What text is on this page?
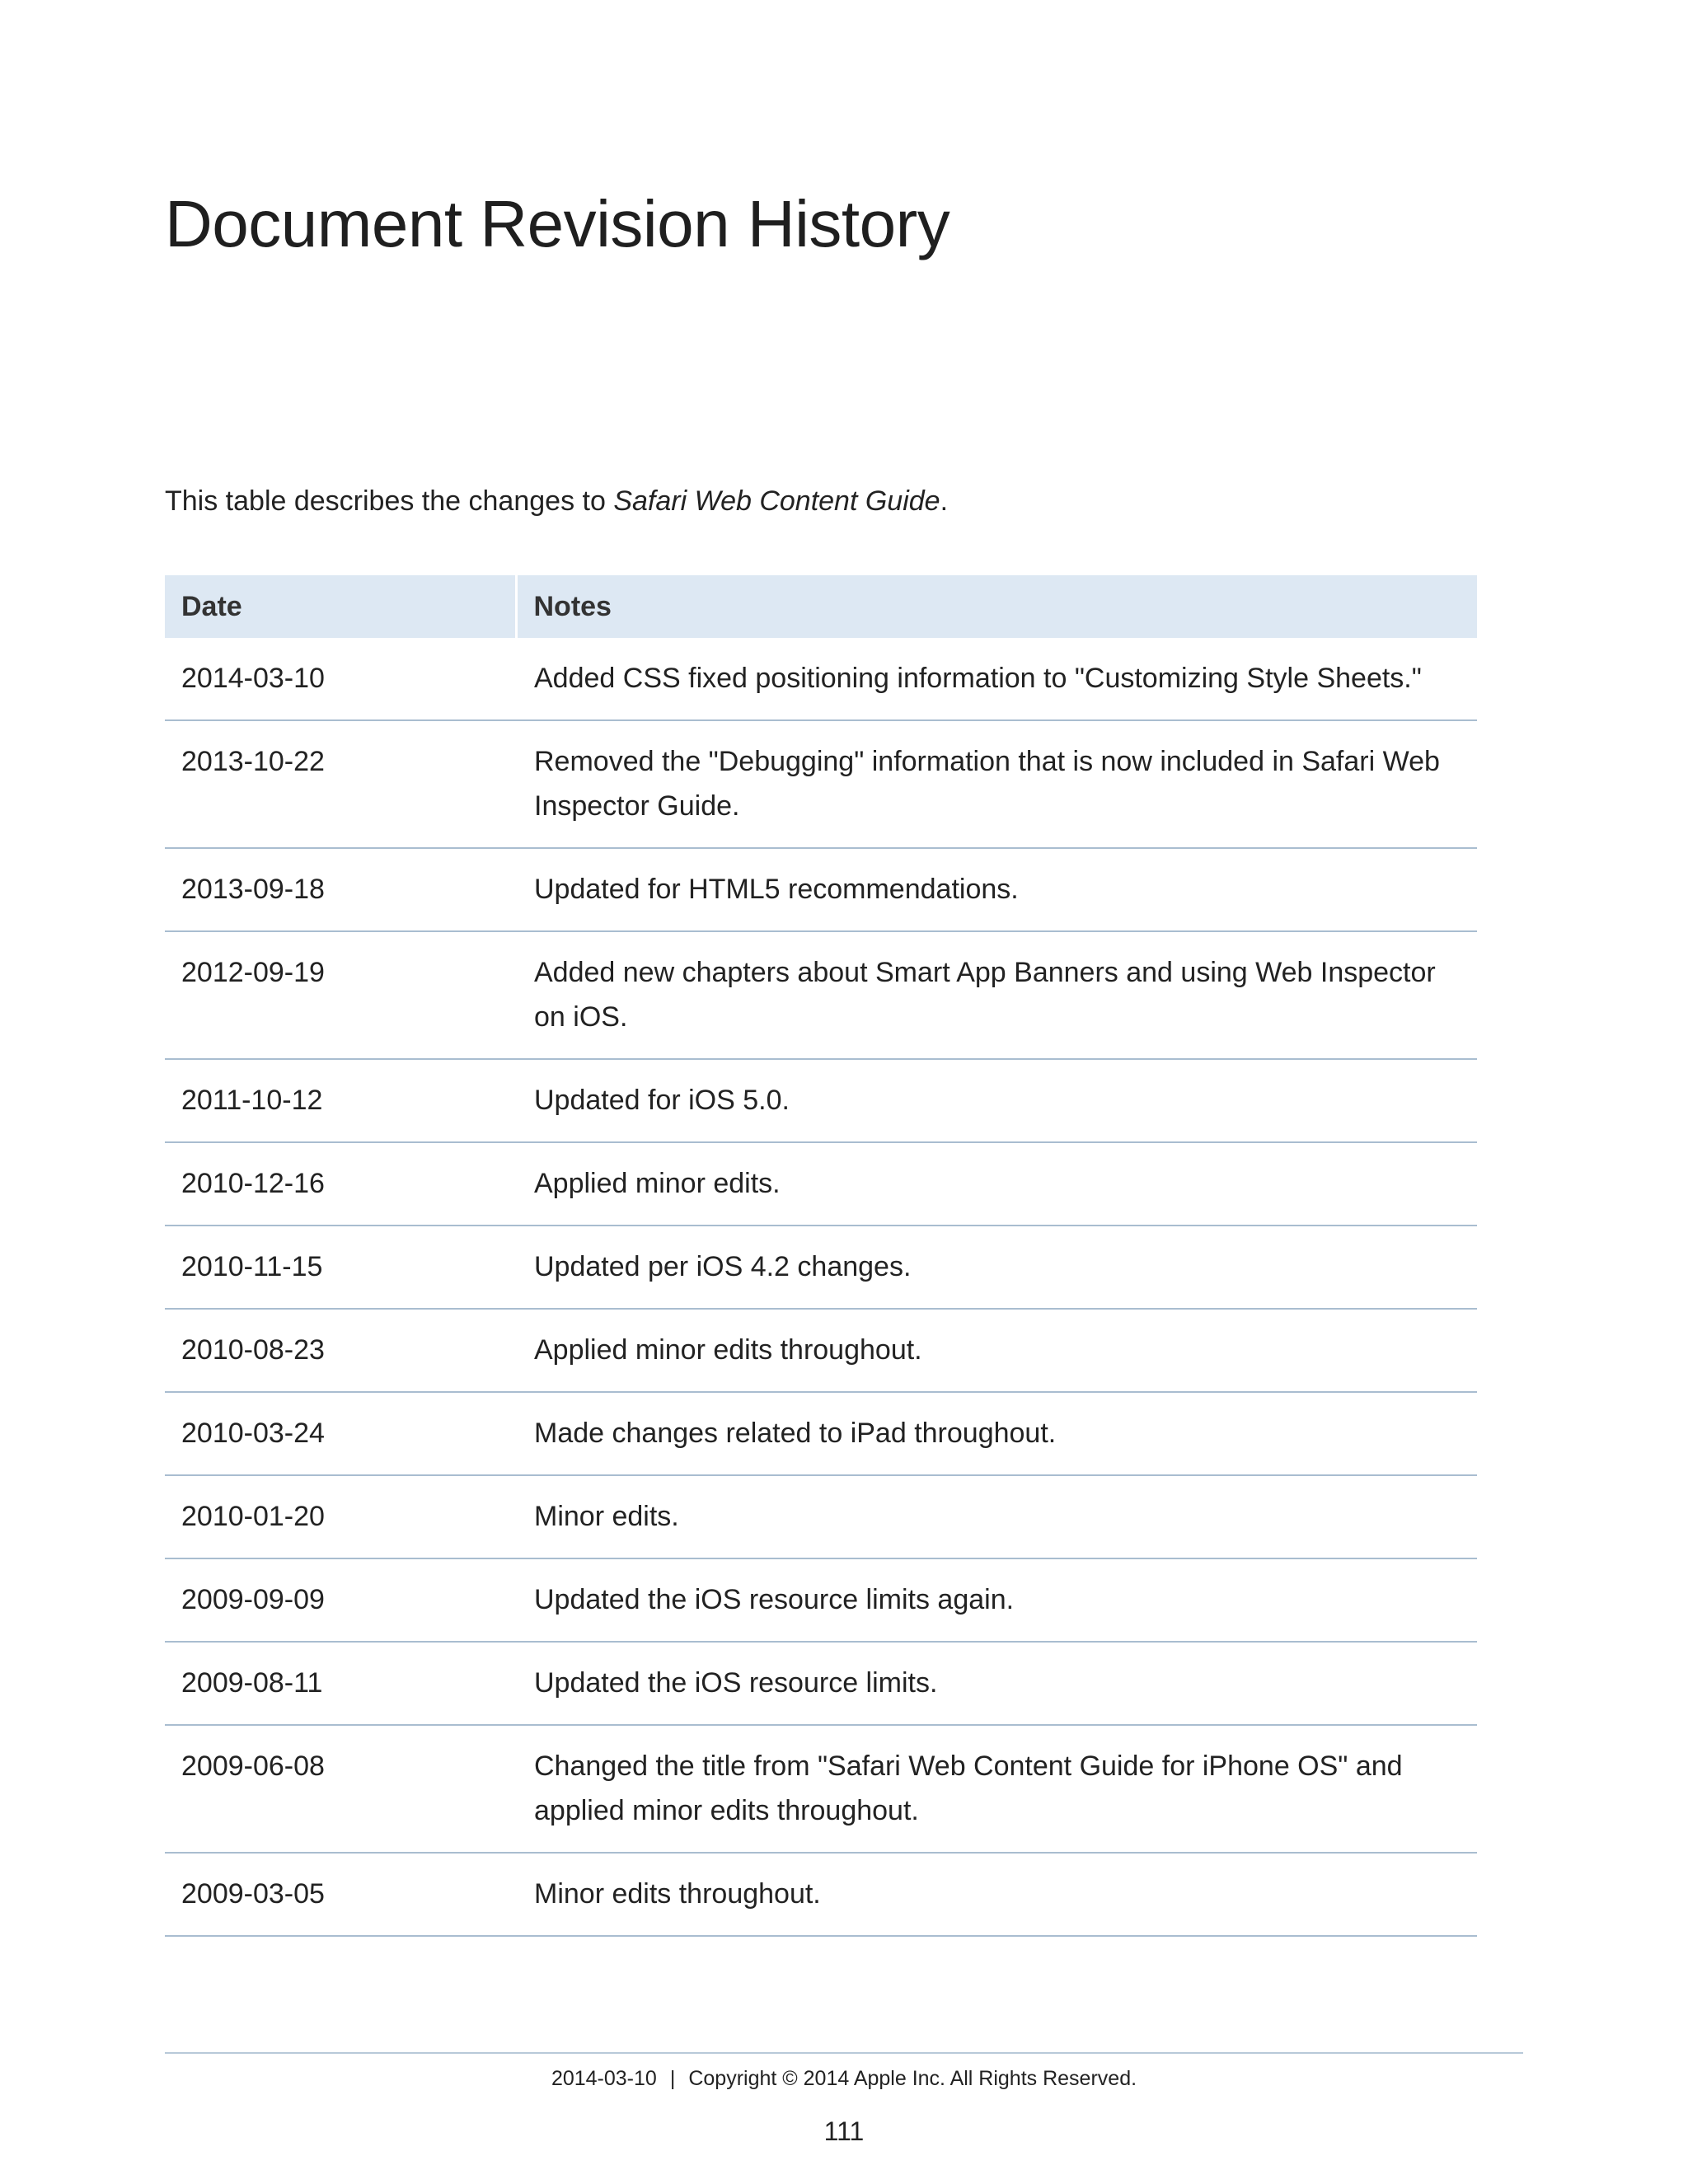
Document Revision History

This table describes the changes to Safari Web Content Guide.

Date	Notes
2014-03-10	Added CSS fixed positioning information to "Customizing Style Sheets."
2013-10-22	Removed the "Debugging" information that is now included in Safari Web Inspector Guide.
2013-09-18	Updated for HTML5 recommendations.
2012-09-19	Added new chapters about Smart App Banners and using Web Inspector on iOS.
2011-10-12	Updated for iOS 5.0.
2010-12-16	Applied minor edits.
2010-11-15	Updated per iOS 4.2 changes.
2010-08-23	Applied minor edits throughout.
2010-03-24	Made changes related to iPad throughout.
2010-01-20	Minor edits.
2009-09-09	Updated the iOS resource limits again.
2009-08-11	Updated the iOS resource limits.
2009-06-08	Changed the title from "Safari Web Content Guide for iPhone OS" and applied minor edits throughout.
2009-03-05	Minor edits throughout.
2014-03-10 | Copyright © 2014 Apple Inc. All Rights Reserved.
111
